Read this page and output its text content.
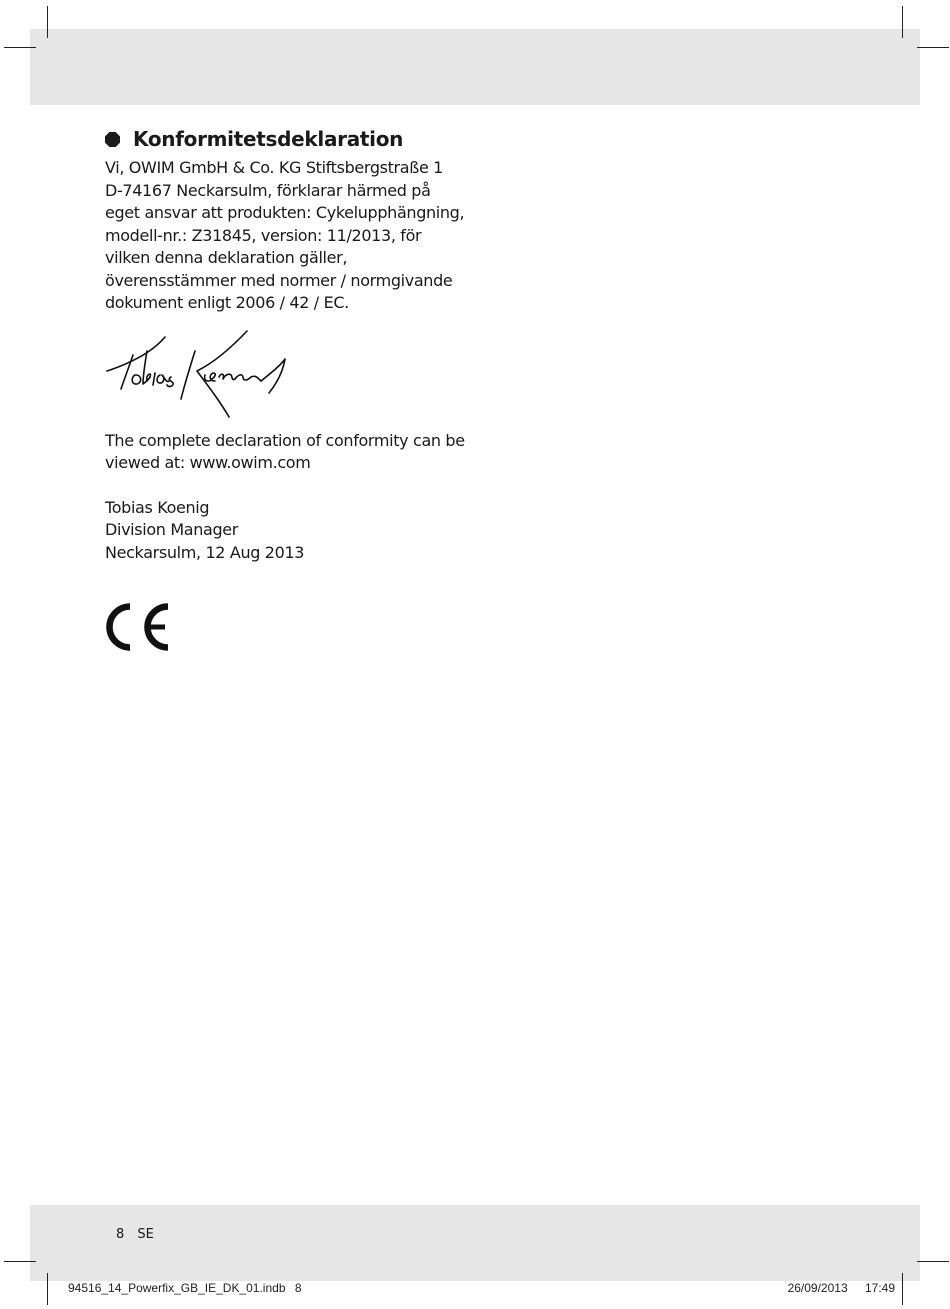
Konformitetsdeklaration

Vi, OWIM GmbH & Co. KG Stiftsbergstraße 1
D-74167 Neckarsulm, förklarar härmed på
eget ansvar att produkten: Cykelupphängning,
modell-nr.: Z31845, version: 11/2013, för
vilken denna deklaration gäller,
överensstämmer med normer / normgivande
dokument enligt 2006 / 42 / EC.

The complete declaration of conformity can be
viewed at: www.owim.com

Tobias Koenig
Division Manager
Neckarsulm, 12 Aug 2013

8 SE
94516_14_Powerfix_GB_IE_DK_01.indb 8	26/09/2013 17:49
